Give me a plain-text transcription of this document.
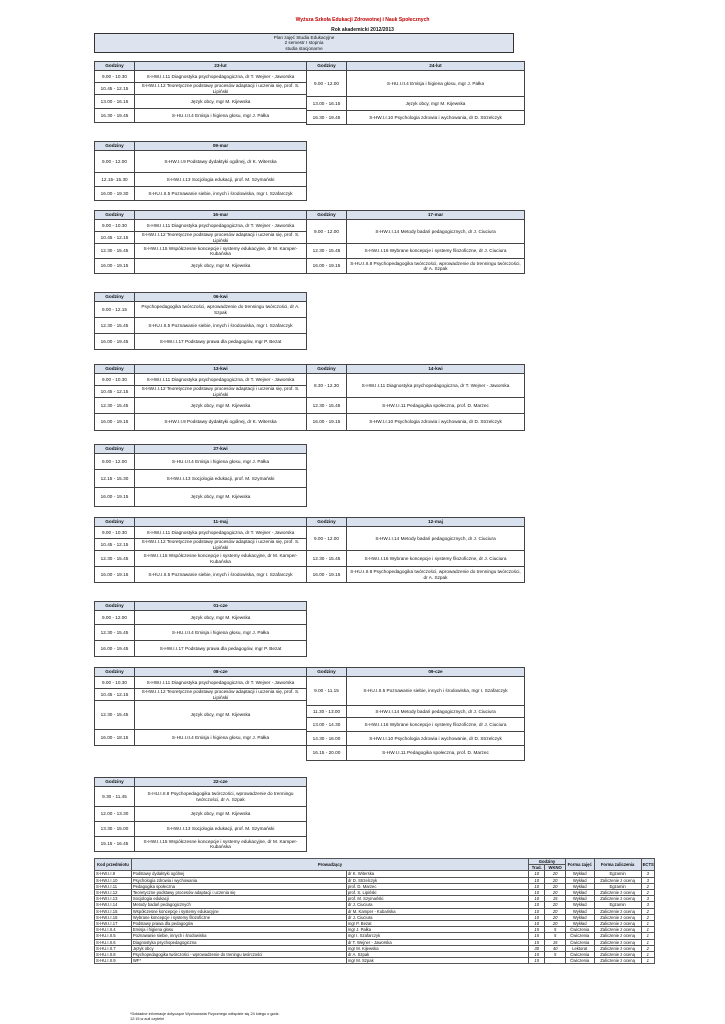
Wyższa Szkoła Edukacji Zdrowotnej i Nauk Społecznych
Rok akademicki 2012/2013
Plan zajęć Studia Edukacyjne
2 semestr I stopnia
studia stacjonarne
Godziny	23-lut
9.00 - 10.30	S-HW.I.I.11 Diagnostyka psychopedagogiczna, dr T. Wejner - Jaworska
10.45 - 12.15	S-HW.I.I.12 Teoretyczne podstawy procesów adaptacji i uczenia się, prof. S. Lipiński
13.00 - 16.15	Język obcy, mgr M. Kijewska
16.30 - 19.45	S-HU.I.II.4 Emisja i higiena głosu, mgr J. Pałka
Godziny	24-lut
9.00 - 12.00	S-HU.I.II.4 Emisja i higiena głosu, mgr J. Pałka
13.00 - 16.15	Język obcy, mgr M. Kijewska
16.30 - 19.45	S-HW.I.I.10 Psychologia zdrowia i wychowania, dr D. Strzelczyk
Godziny	09-mar
9.00 - 12.00	S-HW.I.I.9 Podstawy dydaktyki ogólnej, dr K. Witerska
12.15- 15.30	S-HW.I.I.13 Socjologia edukacji, prof. M. Szymański
16.00 - 19.30	S-HU.I.II.5 Poznawanie siebie, innych i środowiska, mgr I. Szafarczyk
Godziny	16-mar
9.00 - 10.30	S-HW.I.I.11 Diagnostyka psychopedagogiczna, dr T. Wejner - Jaworska
10.45 - 12.15	S-HW.I.I.12 Teoretyczne podstawy procesów adaptacji i uczenia się, prof. S. Lipiński
12.30 - 15.45	S-HW.I.I.15 Współczesne koncepcje i systemy edukacyjne, dr M. Kamper-Kubańska
16.00 - 19.15	Język obcy, mgr M. Kijewska
Godziny	17-mar
9.00 - 12.00	S-HW.I.I.14 Metody badań pedagogicznych, dr J. Ciuciura
12.30 - 15.45	S-HW.I.I.16 Wybrane koncepcje i systemy filozoficzne, dr J. Ciuciura
16.00 - 19.15	S-HU.I.II.8 Psychopedagogika twórczości, wprowadzenie do trenningu twórczości, dr A. Szpak
Godziny	06-kwi
9.00 - 12.15	Psychopedagogika twórczości, wprowadzenie do trenningu twórczości, dr A. Szpak
12.30 - 15.45	S-HU.I.II.5 Poznawanie siebie, innych i środowiska, mgr I. Szafarczyk
16.00 - 19.45	S-HW.I.I.17 Podstawy prawa dla pedagogów, mgr P. Bezat
Godziny	13-kwi
9.00 - 10.30	S-HW.I.I.11 Diagnostyka psychopedagogiczna, dr T. Wejner - Jaworska
10.45 - 12.15	S-HW.I.I.12 Teoretyczne podstawy procesów adaptacji i uczenia się, prof. S. Lipiński
12.30 - 15.45	Język obcy, mgr M. Kijewska
16.00 - 19.15	S-HW.I.I.9 Podstawy dydaktyki ogólnej, dr K. Witerska
Godziny	14-kwi
8.30 - 12.30	S-HW.I.I.11 Diagnostyka psychopedagogiczna, dr T. Wejner - Jaworska
12.30 - 15.45	S-HW.I.I.11 Pedagogika społeczna, prof. D. Marzec
16.00 - 19.15	S-HW.I.I.10 Psychologia zdrowia i wychowania, dr D. Strzelczyk
Godziny	27-kwi
9.00 - 12.00	S-HU.I.II.4 Emisja i higiena głosu, mgr J. Pałka
12.15 - 15.30	S-HW.I.I.13 Socjologia edukacji, prof. M. Szymański
16.00 - 19.15	Język obcy, mgr M. Kijewska
Godziny	11-maj
9.00 - 10.30	S-HW.I.I.11 Diagnostyka psychopedagogiczna, dr T. Wejner - Jaworska
10.45 - 12.15	S-HW.I.I.12 Teoretyczne podstawy procesów adaptacji i uczenia się, prof. S. Lipiński
12.30 - 15.45	S-HW.I.I.15 Współczesne koncepcje i systemy edukacyjne, dr M. Kamper-Kubańska
16.00 - 19.15	S-HU.I.II.5 Poznawanie siebie, innych i środowiska, mgr I. Szafarczyk
Godziny	12-maj
9.00 - 12.00	S-HW.I.I.14 Metody badań pedagogicznych, dr J. Ciuciura
12.30 - 15.45	S-HW.I.I.16 Wybrane koncepcje i systemy filozoficzne, dr J. Ciuciura
16.00 - 19.15	S-HU.I.II.8 Psychopedagogika twórczości, wprowadzenie do trenningu twórczości, dr A. Szpak
Godziny	01-cze
9.00 - 12.00	Język obcy, mgr M. Kijewska
12.30 - 15.45	S-HU.I.II.4 Emisja i higiena głosu, mgr J. Pałka
16.00 - 19.45	S-HW.I.I.17 Podstawy prawa dla pedagogów, mgr P. Bezat
Godziny	08-cze
9.00 - 10.30	S-HW.I.I.11 Diagnostyka psychopedagogiczna, dr T. Wejner - Jaworska
10.45 - 12.15	S-HW.I.I.12 Teoretyczne podstawy procesów adaptacji i uczenia się, prof. S. Lipiński
12.30 - 15.45	Język obcy, mgr M. Kijewska
16.00 - 18.15	S-HU.I.II.4 Emisja i higiena głosu, mgr J. Pałka
Godziny	09-cze
9.00 - 11.15	S-HU.I.II.5 Poznawanie siebie, innych i środowiska, mgr I. Szafarczyk
11.30 - 13.00	S-HW.I.I.14 Metody badań pedagogicznych, dr J. Ciuciura
13.00 - 14.30	S-HW.I.I.16 Wybrane koncepcje i systemy filozoficzne, dr J. Ciuciura
14.30 - 16.00	S-HW.I.I.10 Psychologia zdrowia i wychowanie, dr D. Strzelczyk
16.15 - 20.00	S-HW.I.I.11 Pedagogika społeczna, prof. D. Marzec
Godziny	22-cze
9.30 - 11.45	S-HU.I.II.8 Psychopedagogika twórczości, wprowadzenie do trenningu twórczości, dr A. Szpak
12.00 - 13.30	Język obcy, mgr M. Kijewska
13.30 - 15.00	S-HW.I.I.13 Socjologia edukacji, prof. M. Szymański
15.15 - 16.45	S-HW.I.I.15 Współczesne koncepcje i systemy edukacyjne, dr M. Kamper-Kubańska
Kod przedmiotu	Prowadzący		Godziny		Forma zajęć	Forma zaliczenia	ECTS
			Trad.	WKNO			
S-HW.I.I.9	Podstawy dydaktyki ogólnej	dr K. Witerska	10	20	Wykład	Egzamin	3
S-HW.I.I.10	Psychologia zdrowia i wychowania	dr D. Strzelczyk	10	20	Wykład	Zaliczenie z oceną	3
S-HW.I.I.11	Pedagogika społeczna	prof. D. Marzec	10	20	Wykład	Egzamin	2
S-HW.I.I.12	Teoretyczne podstawy procesów adaptacji i uczenia się	prof. S. Lipiński	10	20	Wykład	Zaliczenie z oceną	2
S-HW.I.I.13	Socjologia edukacji	prof. M. Szymański	10	15	Wykład	Zaliczenie z oceną	3
S-HW.I.I.14	Metody badań pedagogicznych	dr J. Ciuciura	10	20	Wykład	Egzamin	3
S-HW.I.I.15	Współczesne koncepcje i systemy edukacyjne	dr M. Kamper - Kubańska	10	20	Wykład	Zaliczenie z oceną	2
S-HW.I.I.16	Wybrane koncepcje i systemy filozoficzne	dr J. Ciuciura	10	20	Wykład	Zaliczenie z oceną	2
S-HW.I.I.17	Podstawy prawa dla pedagogów	mgr P. Bezat	10	20	Wykład	Zaliczenie z oceną	1
S-HU.I.II.4	Emisja i higiena głosu	mgr J. Pałka	15	5	Ćwiczenia	Zaliczenie z oceną	1
S-HU.I.II.5	Poznawanie siebie, innych i środowiska	mgr I. Szafarczyk	15	5	Ćwiczenia	Zaliczenie z oceną	1
S-HU.I.II.6	Diagnostyka psychopedagogiczna	dr T. Wejner - Jaworska	15	15	Ćwiczenia	Zaliczenie z oceną	1
S-HU.I.II.7	Język obcy	mgr M. Kijewska	30	40	Lektorat	Zaliczenie z oceną	2
S-HU.I.II.8	Psychopedagogika twórczości - wprowadzenie do treningu twórczości	dr A. Szpak	15	5	Ćwiczenia	Zaliczenie z oceną	1
S-HU.I.II.9	WF*	mgr M. Szpak	15		Ćwiczenia	Zaliczenie z oceną	1
*Dokładne informacje dotyczące Wychowania Fizycznego odbędzie się 24 lutego o godz. 12:15 w auli czytelni
